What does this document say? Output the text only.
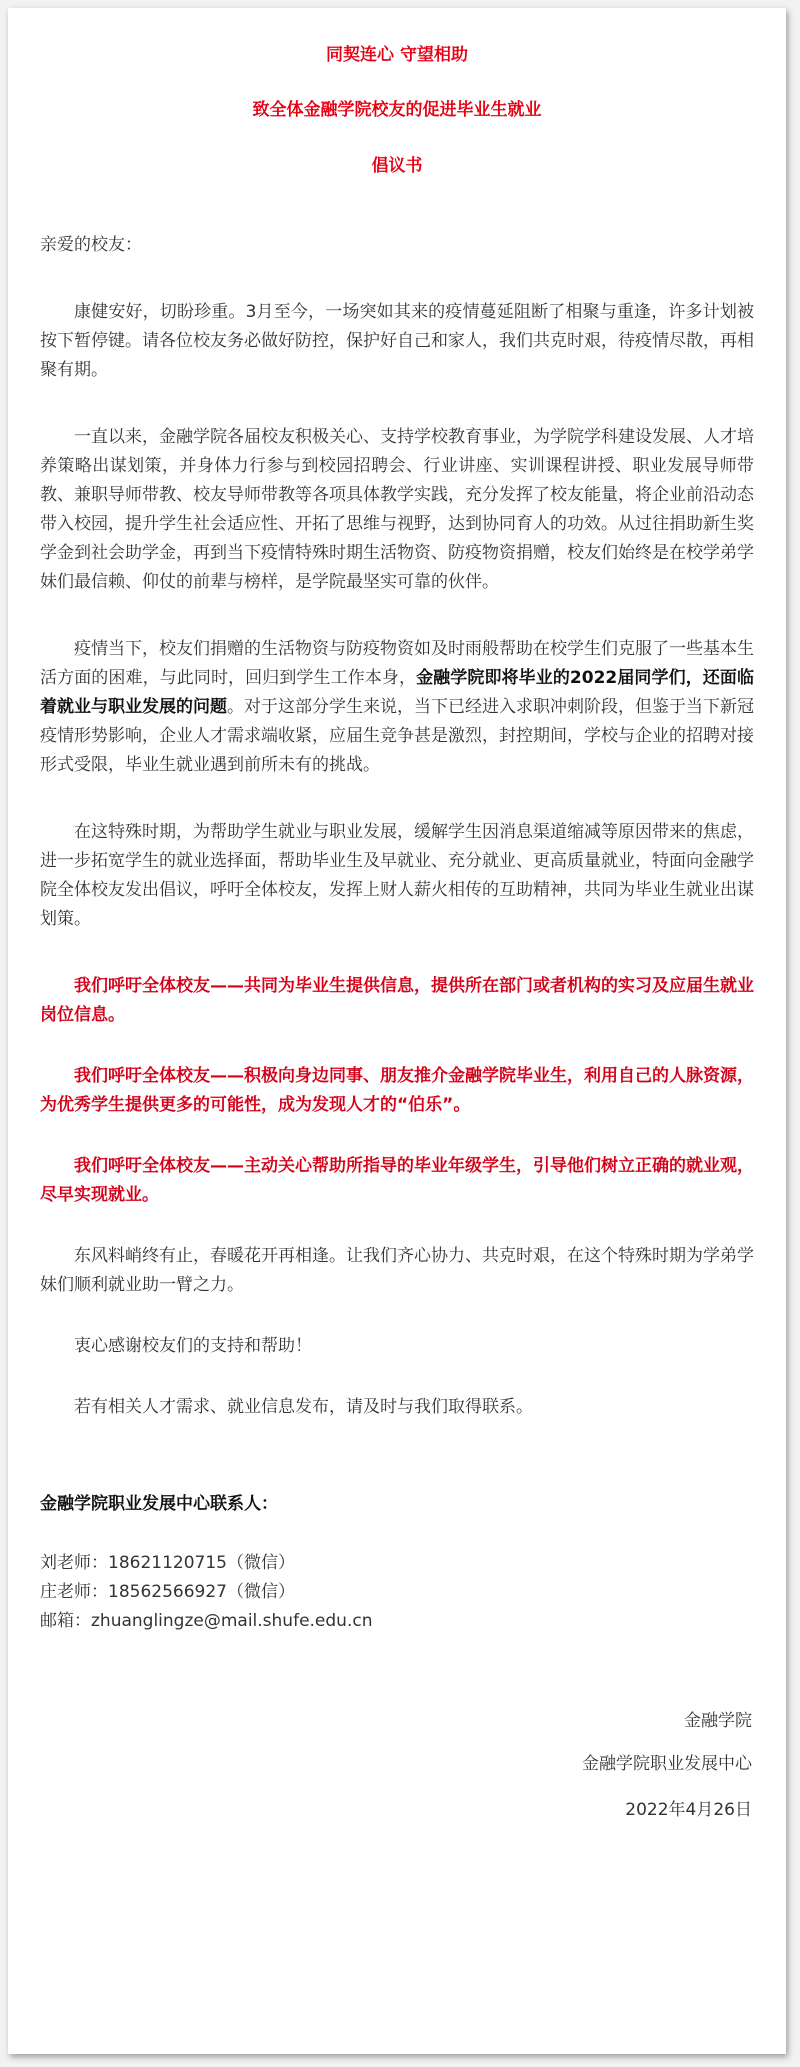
同契连心 守望相助
致全体金融学院校友的促进毕业生就业
倡议书

亲爱的校友：

康健安好，切盼珍重。3月至今，一场突如其来的疫情蔓延阻断了相聚与重逢，许多计划被按下暂停键。请各位校友务必做好防控，保护好自己和家人，我们共克时艰，待疫情尽散，再相聚有期。

一直以来，金融学院各届校友积极关心、支持学校教育事业，为学院学科建设发展、人才培养策略出谋划策，并身体力行参与到校园招聘会、行业讲座、实训课程讲授、职业发展导师带教、兼职导师带教、校友导师带教等各项具体教学实践，充分发挥了校友能量，将企业前沿动态带入校园，提升学生社会适应性、开拓了思维与视野，达到协同育人的功效。从过往捐助新生奖学金到社会助学金，再到当下疫情特殊时期生活物资、防疫物资捐赠，校友们始终是在校学弟学妹们最信赖、仰仗的前辈与榜样，是学院最坚实可靠的伙伴。

疫情当下，校友们捐赠的生活物资与防疫物资如及时雨般帮助在校学生们克服了一些基本生活方面的困难，与此同时，回归到学生工作本身，金融学院即将毕业的2022届同学们，还面临着就业与职业发展的问题。对于这部分学生来说，当下已经进入求职冲刺阶段，但鉴于当下新冠疫情形势影响，企业人才需求端收紧，应届生竞争甚是激烈，封控期间，学校与企业的招聘对接形式受限，毕业生就业遇到前所未有的挑战。

在这特殊时期，为帮助学生就业与职业发展，缓解学生因消息渠道缩减等原因带来的焦虑，进一步拓宽学生的就业选择面，帮助毕业生及早就业、充分就业、更高质量就业，特面向金融学院全体校友发出倡议，呼吁全体校友，发挥上财人薪火相传的互助精神，共同为毕业生就业出谋划策。

我们呼吁全体校友——共同为毕业生提供信息，提供所在部门或者机构的实习及应届生就业岗位信息。

我们呼吁全体校友——积极向身边同事、朋友推介金融学院毕业生，利用自己的人脉资源，为优秀学生提供更多的可能性，成为发现人才的“伯乐”。

我们呼吁全体校友——主动关心帮助所指导的毕业年级学生，引导他们树立正确的就业观，尽早实现就业。

东风料峭终有止，春暖花开再相逢。让我们齐心协力、共克时艰，在这个特殊时期为学弟学妹们顺利就业助一臂之力。

衷心感谢校友们的支持和帮助！

若有相关人才需求、就业信息发布，请及时与我们取得联系。

金融学院职业发展中心联系人：

刘老师：18621120715（微信）

庄老师：18562566927（微信）

邮箱：zhuanglingze@mail.shufe.edu.cn

金融学院

金融学院职业发展中心

2022年4月26日
